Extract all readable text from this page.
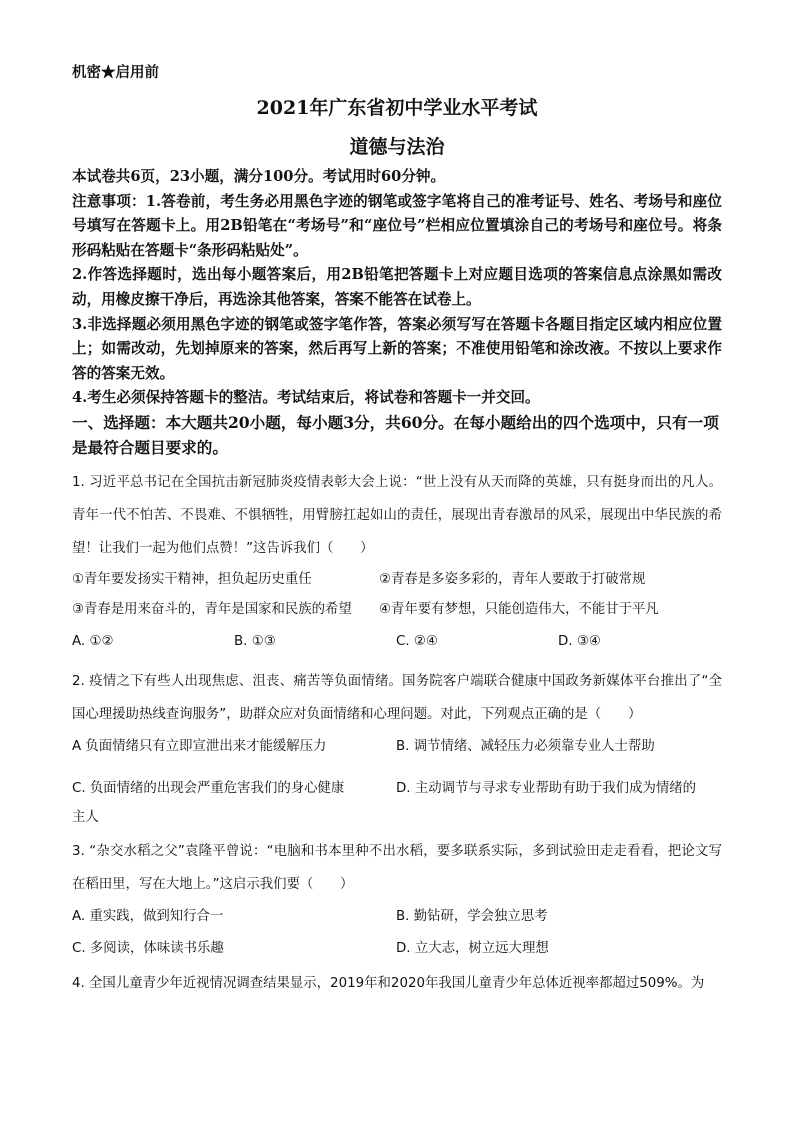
机密★启用前
2021年广东省初中学业水平考试
道德与法治

本试卷共6页，23小题，满分100分。考试用时60分钟。

注意事项：1.答卷前，考生务必用黑色字迹的钢笔或签字笔将自己的准考证号、姓名、考场号和座位号填写在答题卡上。用2B铅笔在“考场号”和“座位号”栏相应位置填涂自己的考场号和座位号。将条形码粘贴在答题卡“条形码粘贴处”。

2.作答选择题时，选出每小题答案后，用2B铅笔把答题卡上对应题目选项的答案信息点涂黑如需改动，用橡皮擦干净后，再选涂其他答案，答案不能答在试卷上。

3.非选择题必须用黑色字迹的钢笔或签字笔作答，答案必须写写在答题卡各题目指定区域内相应位置上；如需改动，先划掉原来的答案，然后再写上新的答案；不准使用铅笔和涂改液。不按以上要求作答的答案无效。

4.考生必须保持答题卡的整洁。考试结束后，将试卷和答题卡一并交回。

一、选择题：本大题共20小题，每小题3分，共60分。在每小题给出的四个选项中，只有一项是最符合题目要求的。

1. 习近平总书记在全国抗击新冠肺炎疫情表彰大会上说：“世上没有从天而降的英雄，只有挺身而出的凡人。青年一代不怕苦、不畏难、不惧牺牲，用臂膀扛起如山的责任，展现出青春激昂的风采，展现出中华民族的希望！让我们一起为他们点赞！”这告诉我们（　　）

①青年要发扬实干精神，担负起历史重任	②青春是多姿多彩的，青年人要敢于打破常规
③青春是用来奋斗的，青年是国家和民族的希望	④青年要有梦想，只能创造伟大，不能甘于平凡
A. ①②	B. ①③	C. ②④	D. ③④

2. 疫情之下有些人出现焦虑、沮丧、痛苦等负面情绪。国务院客户端联合健康中国政务新媒体平台推出了“全国心理援助热线查询服务”，助群众应对负面情绪和心理问题。对此，下列观点正确的是（　　）

A 负面情绪只有立即宣泄出来才能缓解压力	B. 调节情绪、减轻压力必须靠专业人士帮助
C. 负面情绪的出现会严重危害我们的身心健康	D. 主动调节与寻求专业帮助有助于我们成为情绪的
主人

3. “杂交水稻之父”袁隆平曾说：“电脑和书本里种不出水稻，要多联系实际，多到试验田走走看看，把论文写在稻田里，写在大地上。”这启示我们要（　　）

A. 重实践，做到知行合一	B. 勤钻研，学会独立思考
C. 多阅读，体味读书乐趣	D. 立大志，树立远大理想

4. 全国儿童青少年近视情况调查结果显示，2019年和2020年我国儿童青少年总体近视率都超过509%。为
